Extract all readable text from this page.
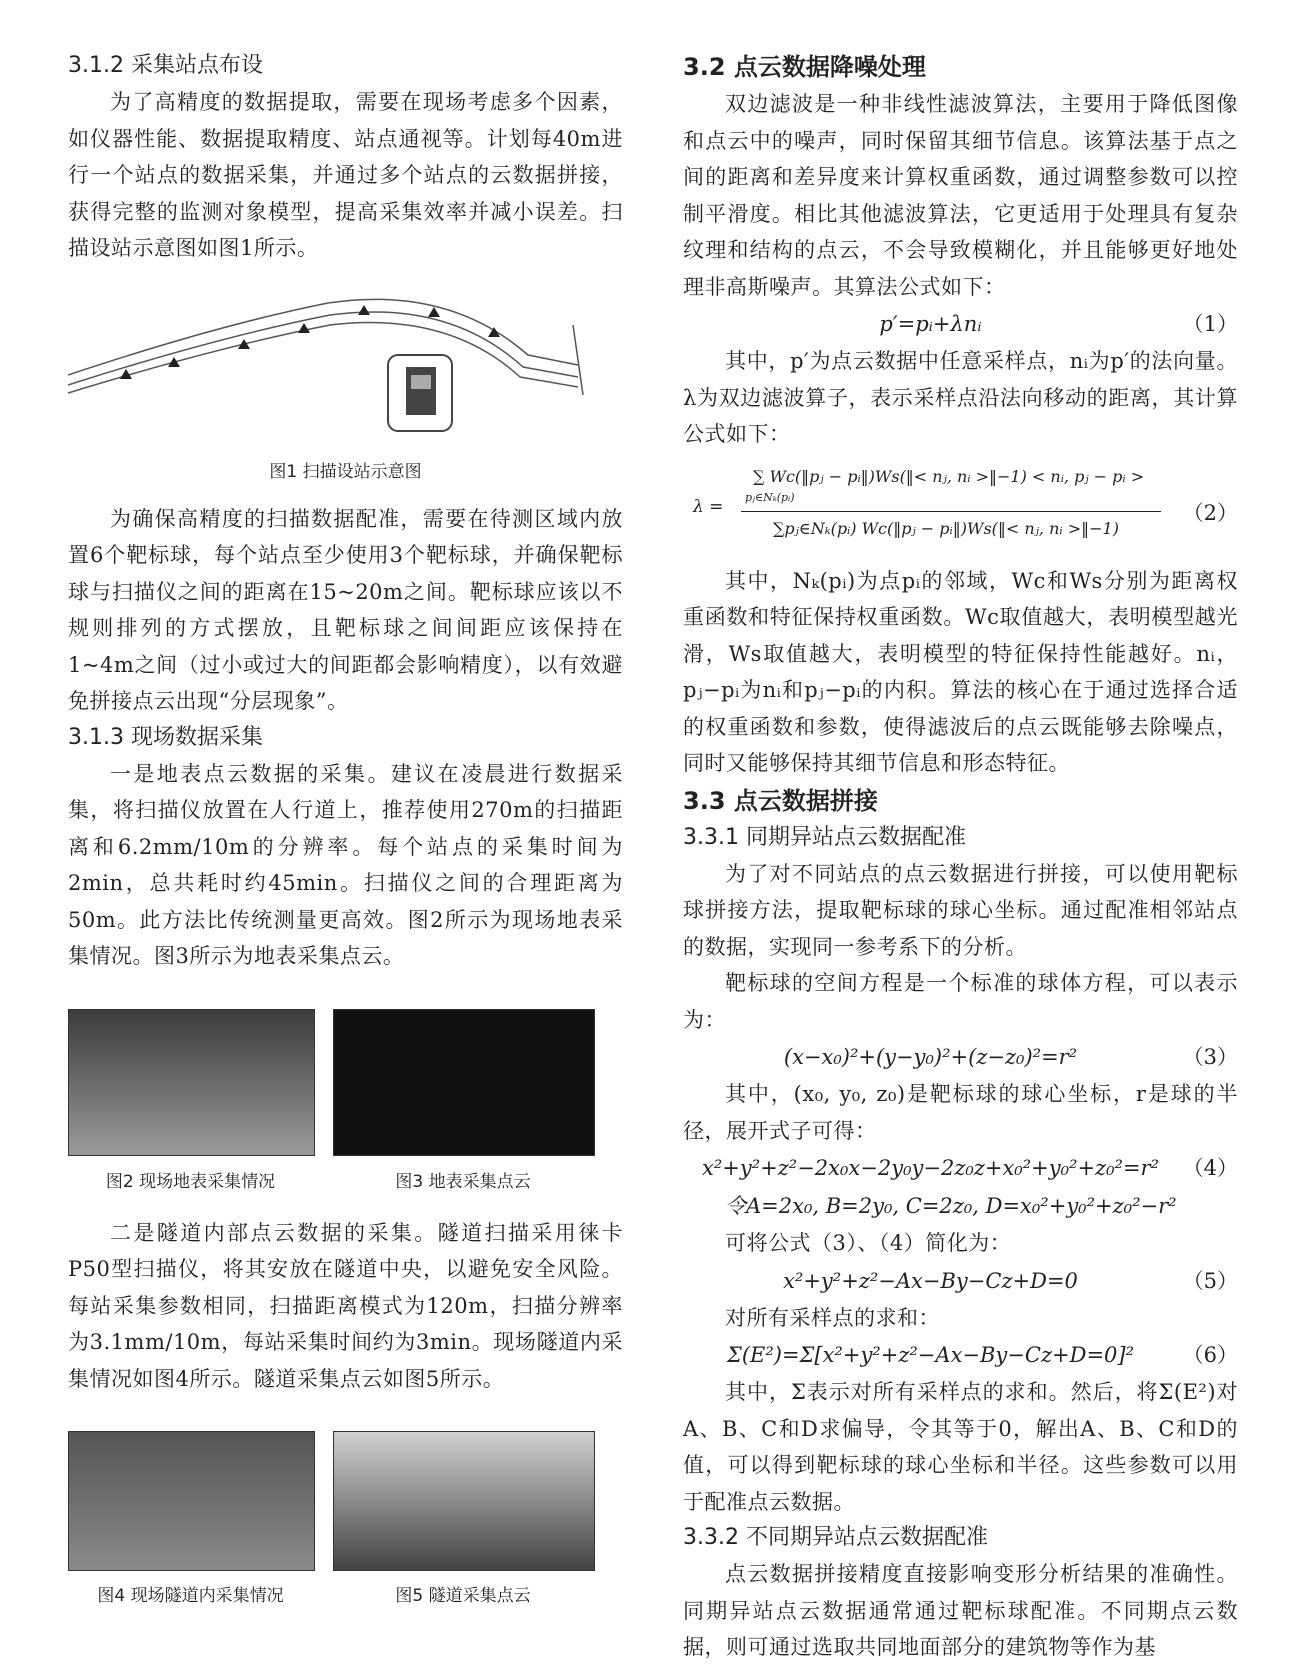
3.1.2 采集站点布设

为了高精度的数据提取，需要在现场考虑多个因素，如仪器性能、数据提取精度、站点通视等。计划每40m进行一个站点的数据采集，并通过多个站点的云数据拼接，获得完整的监测对象模型，提高采集效率并减小误差。扫描设站示意图如图1所示。

图1 扫描设站示意图

为确保高精度的扫描数据配准，需要在待测区域内放置6个靶标球，每个站点至少使用3个靶标球，并确保靶标球与扫描仪之间的距离在15~20m之间。靶标球应该以不规则排列的方式摆放，且靶标球之间间距应该保持在1~4m之间（过小或过大的间距都会影响精度），以有效避免拼接点云出现“分层现象”。

3.1.3 现场数据采集

一是地表点云数据的采集。建议在凌晨进行数据采集，将扫描仪放置在人行道上，推荐使用270m的扫描距离和6.2mm/10m的分辨率。每个站点的采集时间为2min，总共耗时约45min。扫描仪之间的合理距离为50m。此方法比传统测量更高效。图2所示为现场地表采集情况。图3所示为地表采集点云。

图2 现场地表采集情况	图3 地表采集点云

二是隧道内部点云数据的采集。隧道扫描采用徕卡P50型扫描仪，将其安放在隧道中央，以避免安全风险。每站采集参数相同，扫描距离模式为120m，扫描分辨率为3.1mm/10m，每站采集时间约为3min。现场隧道内采集情况如图4所示。隧道采集点云如图5所示。

图4 现场隧道内采集情况	图5 隧道采集点云

3.2 点云数据降噪处理

双边滤波是一种非线性滤波算法，主要用于降低图像和点云中的噪声，同时保留其细节信息。该算法基于点之间的距离和差异度来计算权重函数，通过调整参数可以控制平滑度。相比其他滤波算法，它更适用于处理具有复杂纹理和结构的点云，不会导致模糊化，并且能够更好地处理非高斯噪声。其算法公式如下：

p′=pᵢ+λnᵢ	（1）

其中，p′为点云数据中任意采样点，nᵢ为p′的法向量。λ为双边滤波算子，表示采样点沿法向移动的距离，其计算公式如下：

λ =
∑ Wc(‖pⱼ − pᵢ‖)Ws(‖< nⱼ, nᵢ >‖−1) < nᵢ, pⱼ − pᵢ >
pⱼ∈Nₖ(pᵢ)
∑pⱼ∈Nₖ(pᵢ) Wc(‖pⱼ − pᵢ‖)Ws(‖< nⱼ, nᵢ >‖−1)
（2）

其中，Nₖ(pᵢ)为点pᵢ的邻域，Wc和Ws分别为距离权重函数和特征保持权重函数。Wc取值越大，表明模型越光滑，Ws取值越大，表明模型的特征保持性能越好。nᵢ，pⱼ−pᵢ为nᵢ和pⱼ−pᵢ的内积。算法的核心在于通过选择合适的权重函数和参数，使得滤波后的点云既能够去除噪点，同时又能够保持其细节信息和形态特征。

3.3 点云数据拼接

3.3.1 同期异站点云数据配准

为了对不同站点的点云数据进行拼接，可以使用靶标球拼接方法，提取靶标球的球心坐标。通过配准相邻站点的数据，实现同一参考系下的分析。

靶标球的空间方程是一个标准的球体方程，可以表示为：

(x−x₀)²+(y−y₀)²+(z−z₀)²=r²	（3）

其中，(x₀, y₀, z₀)是靶标球的球心坐标，r是球的半径，展开式子可得：

x²+y²+z²−2x₀x−2y₀y−2z₀z+x₀²+y₀²+z₀²=r²	（4）
令A=2x₀, B=2y₀, C=2z₀, D=x₀²+y₀²+z₀²−r²

可将公式（3）、（4）简化为：

x²+y²+z²−Ax−By−Cz+D=0	（5）

对所有采样点的求和：

Σ(E²)=Σ[x²+y²+z²−Ax−By−Cz+D=0]²	（6）

其中，Σ表示对所有采样点的求和。然后，将Σ(E²)对A、B、C和D求偏导，令其等于0，解出A、B、C和D的值，可以得到靶标球的球心坐标和半径。这些参数可以用于配准点云数据。

3.3.2 不同期异站点云数据配准

点云数据拼接精度直接影响变形分析结果的准确性。同期异站点云数据通常通过靶标球配准。不同期点云数据，则可通过选取共同地面部分的建筑物等作为基
